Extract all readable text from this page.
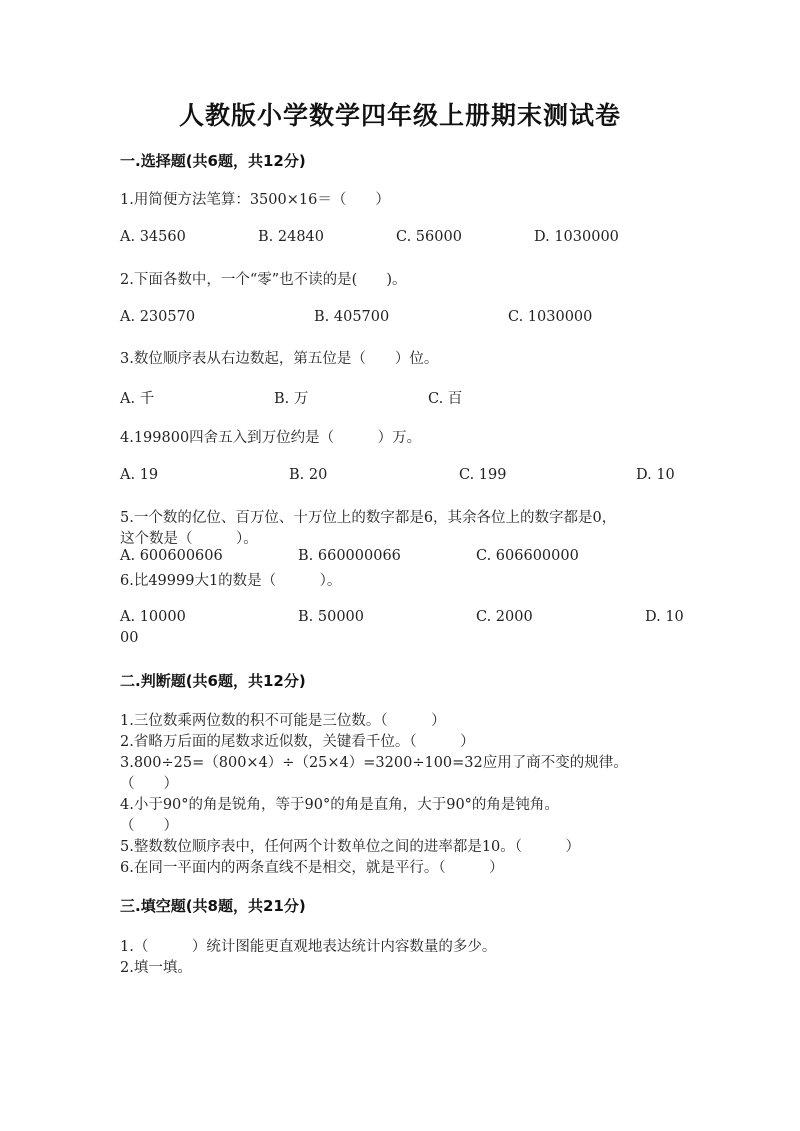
人教版小学数学四年级上册期末测试卷
一.选择题(共6题，共12分)
1.用简便方法笔算：3500×16＝（　　）
A. 34560	B. 24840	C. 56000	D. 1030000
2.下面各数中，一个“零”也不读的是(　　)。
A. 230570	B. 405700	C. 1030000
3.数位顺序表从右边数起，第五位是（　　）位。
A. 千	B. 万	C. 百
4.199800四舍五入到万位约是（　　　）万。
A. 19	B. 20	C. 199	D. 10
5.一个数的亿位、百万位、十万位上的数字都是6，其余各位上的数字都是0，
这个数是（　　　）。
A. 600600606	B. 660000066	C. 606600000
6.比49999大1的数是（　　　）。
A. 10000	B. 50000	C. 2000	D. 10
00
二.判断题(共6题，共12分)
1.三位数乘两位数的积不可能是三位数。（　　　）
2.省略万后面的尾数求近似数，关键看千位。（　　　）
3.800÷25=（800×4）÷（25×4）=3200÷100=32应用了商不变的规律。
（　　）
4.小于90°的角是锐角，等于90°的角是直角，大于90°的角是钝角。
（　　）
5.整数数位顺序表中，任何两个计数单位之间的进率都是10。（　　　）
6.在同一平面内的两条直线不是相交，就是平行。（　　　）
三.填空题(共8题，共21分)
1.（　　　）统计图能更直观地表达统计内容数量的多少。
2.填一填。
